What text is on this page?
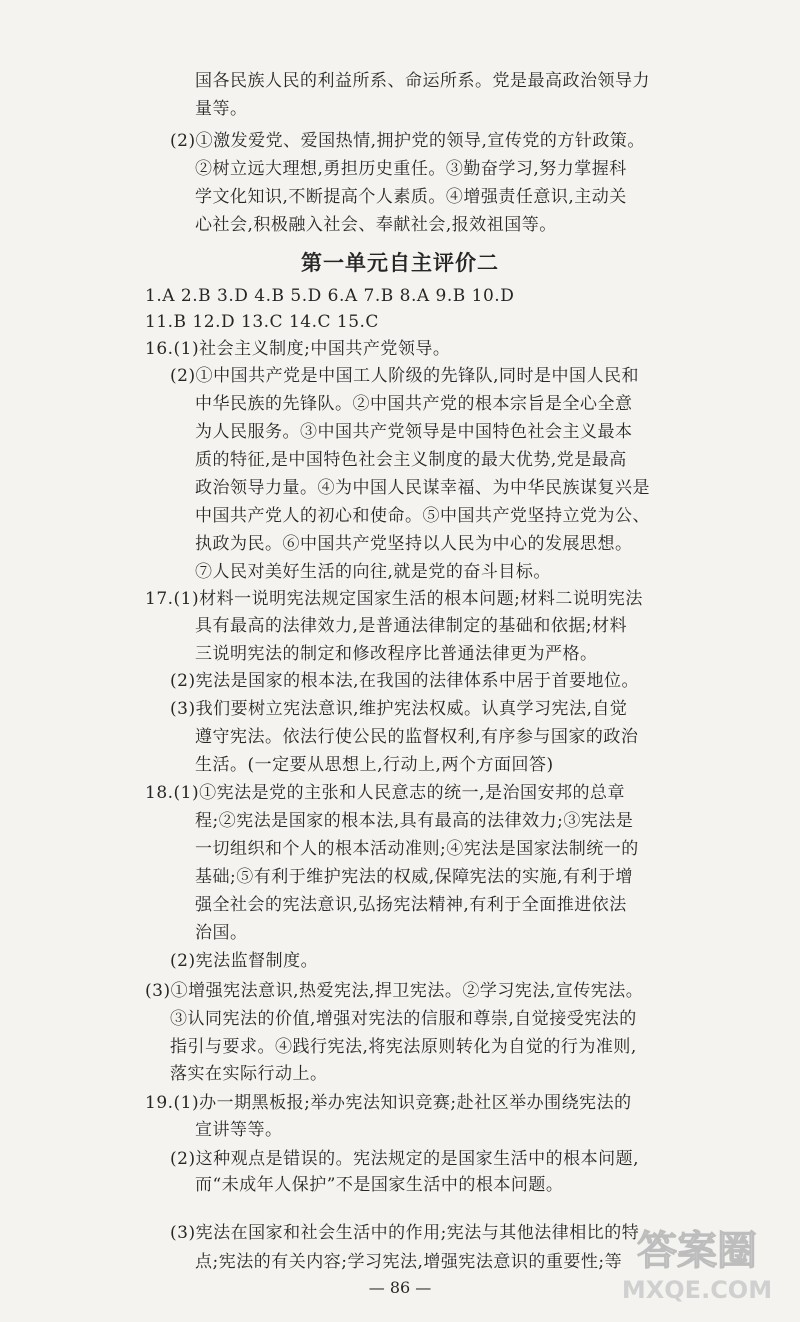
国各民族人民的利益所系、命运所系。党是最高政治领导力
量等。
(2)①激发爱党、爱国热情,拥护党的领导,宣传党的方针政策。
②树立远大理想,勇担历史重任。③勤奋学习,努力掌握科
学文化知识,不断提高个人素质。④增强责任意识,主动关
心社会,积极融入社会、奉献社会,报效祖国等。
第一单元自主评价二
1.A 2.B 3.D 4.B 5.D 6.A 7.B 8.A 9.B 10.D
11.B 12.D 13.C 14.C 15.C
16.(1)社会主义制度;中国共产党领导。
(2)①中国共产党是中国工人阶级的先锋队,同时是中国人民和
中华民族的先锋队。②中国共产党的根本宗旨是全心全意
为人民服务。③中国共产党领导是中国特色社会主义最本
质的特征,是中国特色社会主义制度的最大优势,党是最高
政治领导力量。④为中国人民谋幸福、为中华民族谋复兴是
中国共产党人的初心和使命。⑤中国共产党坚持立党为公、
执政为民。⑥中国共产党坚持以人民为中心的发展思想。
⑦人民对美好生活的向往,就是党的奋斗目标。
17.(1)材料一说明宪法规定国家生活的根本问题;材料二说明宪法
具有最高的法律效力,是普通法律制定的基础和依据;材料
三说明宪法的制定和修改程序比普通法律更为严格。
(2)宪法是国家的根本法,在我国的法律体系中居于首要地位。
(3)我们要树立宪法意识,维护宪法权威。认真学习宪法,自觉
遵守宪法。依法行使公民的监督权利,有序参与国家的政治
生活。(一定要从思想上,行动上,两个方面回答)
18.(1)①宪法是党的主张和人民意志的统一,是治国安邦的总章
程;②宪法是国家的根本法,具有最高的法律效力;③宪法是
一切组织和个人的根本活动准则;④宪法是国家法制统一的
基础;⑤有利于维护宪法的权威,保障宪法的实施,有利于增
强全社会的宪法意识,弘扬宪法精神,有利于全面推进依法
治国。
(2)宪法监督制度。
(3)①增强宪法意识,热爱宪法,捍卫宪法。②学习宪法,宣传宪法。
③认同宪法的价值,增强对宪法的信服和尊崇,自觉接受宪法的
指引与要求。④践行宪法,将宪法原则转化为自觉的行为准则,
落实在实际行动上。
19.(1)办一期黑板报;举办宪法知识竞赛;赴社区举办围绕宪法的
宣讲等等。
(2)这种观点是错误的。宪法规定的是国家生活中的根本问题,
而“未成年人保护”不是国家生活中的根本问题。
(3)宪法在国家和社会生活中的作用;宪法与其他法律相比的特
点;宪法的有关内容;学习宪法,增强宪法意识的重要性;等
— 86 —
答案圈
MXQE.COM
